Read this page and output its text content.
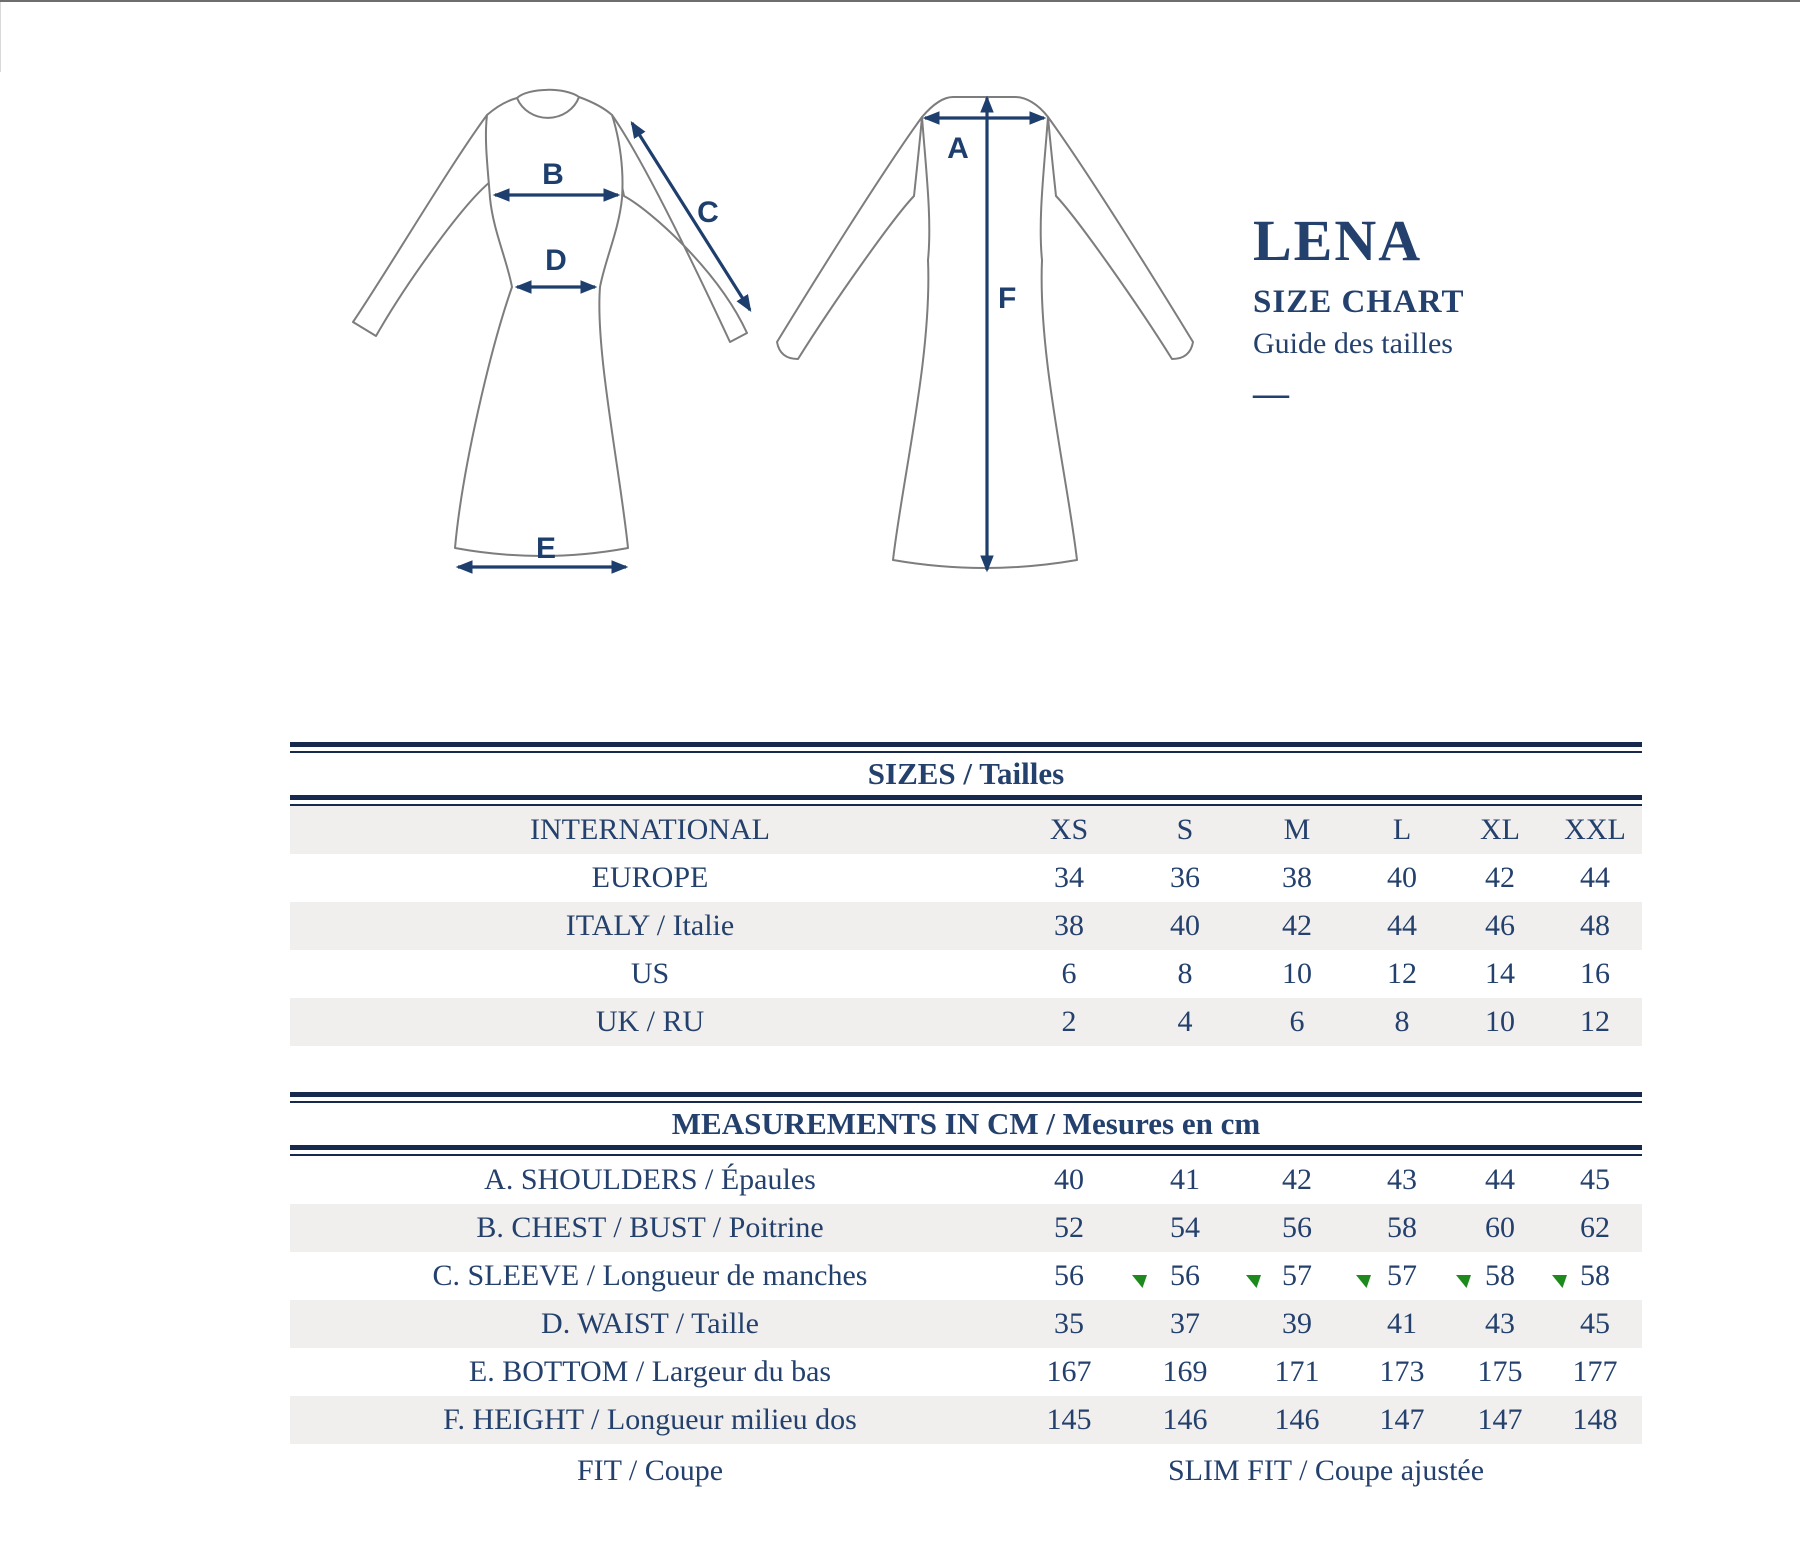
B
D
E
C
A
F
LENA
SIZE CHART
Guide des tailles
—
SIZES / Tailles
INTERNATIONAL	XS	S	M	L	XL	XXL
EUROPE	34	36	38	40	42	44
ITALY / Italie	38	40	42	44	46	48
US	6	8	10	12	14	16
UK / RU	2	4	6	8	10	12
MEASUREMENTS IN CM / Mesures en cm
A. SHOULDERS / Épaules	40	41	42	43	44	45
B. CHEST / BUST / Poitrine	52	54	56	58	60	62
C. SLEEVE / Longueur de manches	56	56	57	57	58	58
D. WAIST / Taille	35	37	39	41	43	45
E. BOTTOM / Largeur du bas	167	169	171	173	175	177
F. HEIGHT / Longueur milieu dos	145	146	146	147	147	148
FIT / Coupe	SLIM FIT / Coupe ajustée
